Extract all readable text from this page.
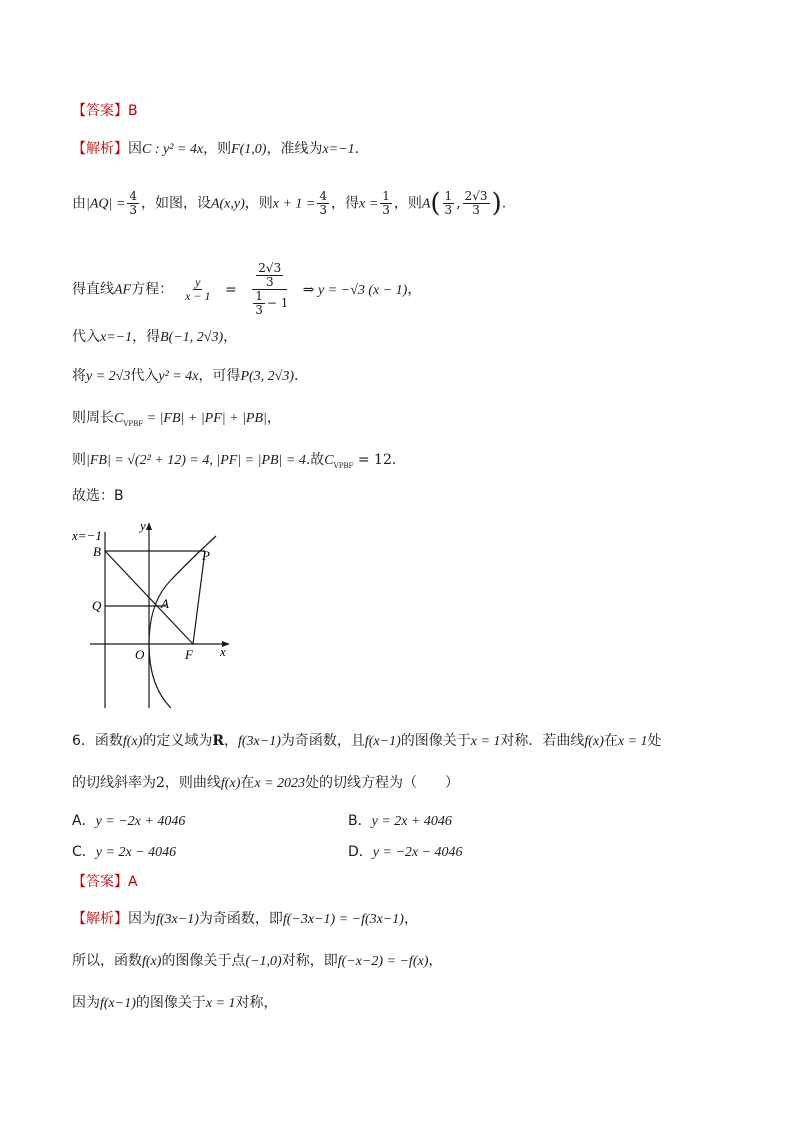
【答案】B
【解析】因C : y² = 4x，则F(1,0)，准线为x=−1.
由$|AQ| = \frac{4}{3}$ ，如图，设A(x,y)，则$x + 1 = \frac{4}{3}$ ，得$x = \frac{1}{3}$ ，则$A( \frac{1}{3}$ , $\frac{2√3}{3}$ ).
得直线AF方程： $\frac{y}{x - 1} = \frac{\frac{2√3}{3}}{\frac{1}{3} - 1}$ ⇒ y = −√3 (x − 1)，
代入x=−1，得B(−1, 2√3)，
将y = 2√3代入y² = 4x，可得P(3, 2√3).
则周长$C_{VPBF} = |FB| + |PF| + |PB|$，
则|FB| = √(2² + 12) = 4, |PF| = |PB| = 4.故$C_{VPBF} = 12$.
故选：B
x=−1
y
B	P
Q	A
O	F x
6．函数f(x)的定义域为R，f(3x−1)为奇函数，且f(x−1)的图像关于x = 1对称．若曲线f(x)在x = 1处
的切线斜率为2，则曲线f(x)在x = 2023处的切线方程为（　　）
A．y = −2x + 4046	B．y = 2x + 4046
C．y = 2x − 4046	D．y = −2x − 4046
【答案】A
【解析】因为f(3x−1)为奇函数，即f(−3x−1) = −f(3x−1)，
所以，函数f(x)的图像关于点(−1,0)对称，即f(−x−2) = −f(x)，
因为f(x−1)的图像关于x = 1对称，
